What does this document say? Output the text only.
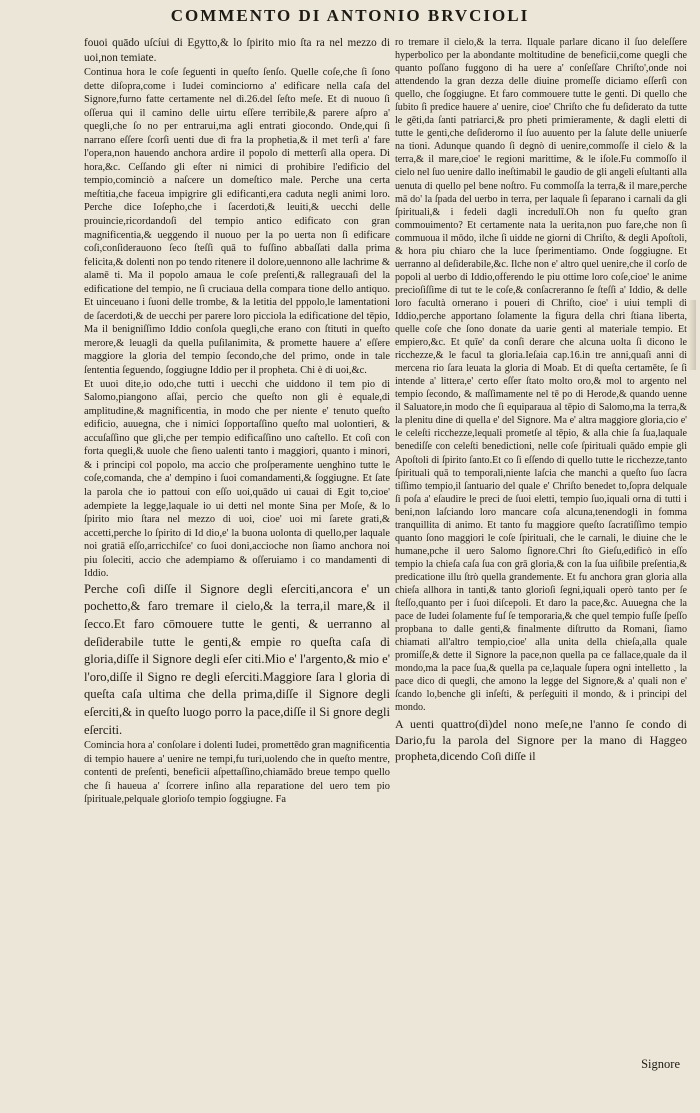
COMMENTO DI ANTONIO BRVCIOLI

fouoi quādo uſcíui di Egytto,& lo ſpirito mio ſta ra nel mezzo di uoi,non temiate.

Continua hora le coſe ſeguenti in queſto ſenſo. Quelle coſe,che ſi ſono dette diſopra,come i Iudei cominciorno a' edificare nella caſa del Signore,furno fatte certamente nel dì.26.del ſeſto meſe. Et dì nuouo ſi oſſerua qui il camino delle uirtu eſſere terribile,& parere aſpro a' quegli,che ſo no per entrarui,ma agli entrati giocondo. Onde,qui ſi narrano eſſere ſcorſi uenti due dì fra la prophetia,& il met terſi a' fare l'opera,non hauendo anchora ardire il popolo di metterſi alla opera. Di hora,&c. Ceſſando gli eſter ni nimici di prohibire l'edificio del tempio,cominciò a naſcere un domeſtico male. Perche una certa meſtitia,che faceua impigrire gli edificanti,era caduta negli animi loro. Perche dice Ioſepho,che i ſacerdoti,& leuiti,& uecchi delle prouincie,ricordandoſi del tempio antico edificato con gran magnificentia,& ueggendo il nuouo per la po uerta non ſi edificare coſi,conſiderauono ſeco ſteſſi quā to fuſſino abbaſſati dalla prima felicita,& dolenti non po tendo ritenere il dolore,uennono alle lachrime & alamē ti. Ma il popolo amaua le coſe preſenti,& rallegrauaſi del la edificatione del tempio, ne ſi cruciaua della compara tione dello antiquo. Et uinceuano i ſuoni delle trombe, & la letitia del pppolo,le lamentationi de ſacerdoti,& de uecchi per parere loro picciola la edificatione del tēpio, Ma il benigniſſimo Iddio conſola quegli,che erano con ſtituti in queſto merore,& leuagli da quella puſilanimita, & promette hauere a' eſſere maggiore la gloria del tempio ſecondo,che del primo, onde in tale ſententia ſeguendo, ſoggiugne Iddio per il propheta. Chi è di uoi,&c.

Et uuoi dite,io odo,che tutti i uecchi che uiddono il tem pio di Salomo,piangono aſſai, percio che queſto non gli è equale,di amplitudine,& magnificentia, in modo che per niente e' tenuto queſto edificio, auuegna, che i nimici ſopportaſſino queſto mal uolontieri, & accuſaſſino que gli,che per tempio edificaſſino uno caſtello. Et coſi con forta quegli,& uuole che ſieno ualenti tanto i maggiori, quanto i minori, & i principi col popolo, ma accio che proſperamente uenghino tutte le coſe,comanda, che a' dempino i ſuoi comandamenti,& ſoggiugne. Et ſate la parola che io pattoui con eſſo uoi,quādo ui cauai di Egit to,cioe' adempiete la legge,laquale io ui detti nel monte Sina per Moſe, & lo ſpirito mio ſtara nel mezzo di uoi, cioe' uoi mi ſarete grati,& accetti,perche lo ſpirito di Id dio,e' la buona uolonta di quello,per laquale noi gratiā eſſo,arricchiſce' co ſuoi doni,accioche non ſiamo anchora noi piu ſoleciti, accio che adempiamo & oſſeruiamo i co mandamenti di Iddio.

Perche coſi diſſe il Signore degli eſerciti,ancora e' un pochetto,& faro tremare il cielo,& la terra,il mare,& il ſecco.Et faro cōmouere tutte le genti, & uerranno al deſiderabile tutte le genti,& empie ro queſta caſa di gloria,diſſe il Signore degli eſer citi.Mio e' l'argento,& mio e' l'oro,diſſe il Signo re degli eſerciti.Maggiore ſara l gloria di queſta caſa ultima che della prima,diſſe il Signore degli eſerciti,& in queſto luogo porro la pace,diſſe il Si gnore degli eſerciti.

Comincia hora a' conſolare i dolenti Iudei, promettēdo gran magnificentia di tempio hauere a' uenire ne tempi,fu turi,uolendo che in queſto mentre, contenti de preſenti, beneficii aſpettaſſino,chiamādo breue tempo quello che ſi haueua a' ſcorrere inſino alla reparatione del uero tem pio ſpirituale,pelquale glorioſo tempio ſoggiugne. Fa

ro tremare il cielo,& la terra. Ilquale parlare dicano il ſuo deleſſere hyperbolico per la abondante moltitudine de beneficii,come quegli che quanto poſſano fuggono di ha uere a' conſeſſare Chriſto',onde noi attendendo la gran dezza delle diuine promeſſe diciamo eſſerſi con quello, che ſoggiugne. Et faro commouere tutte le genti. Di quello che ſubito ſi predice hauere a' uenire, cioe' Chriſto che fu deſiderato da tutte le gēti,da ſanti patriarci,& pro pheti primieramente, & dagli eletti di tutte le genti,che deſiderorno il ſuo auuento per la ſalute delle uniuerſe na tioni. Adunque quando ſi degnò di uenire,commoſſe il cielo & la terra,& il mare,cioe' le regioni marittime, & le iſole.Fu commoſſo il cielo nel ſuo uenire dallo ineſtimabil le gaudio de gli angeli eſultanti alla uenuta di quello pel bene noſtro. Fu commoſſa la terra,& il mare,perche mā do' la ſpada del uerbo in terra, per laquale ſi ſeparano i carnali da gli ſpirituali,& i fedeli dagli incredulī.Oh non fu queſto gran commouimento? Et certamente nata la uerita,non puo fare,che non ſi commuoua il mōdo, ilche ſi uidde ne giorni di Chriſto, & degli Apoſtoli, & hora piu chiaro che la luce ſperimentiamo. Onde ſoggiugne. Et uerranno al deſiderabile,&c. Ilche non e' altro quel uenire,che il corſo de popoli al uerbo di Iddio,offerendo le piu ottime loro coſe,cioe' le anime precioſiſſime di tut te le coſe,& conſacreranno ſe ſteſſi a' Iddio, & delle loro facultà ornerano i poueri di Chriſto, cioe' i uiui templi di Iddio,perche apportano ſolamente la figura della chri ſtiana liberta, quelle coſe che ſono donate da uarie genti al materiale tempio. Et empiero,&c. Et quīe' da conſi derare che alcuna uolta ſi dicono le ricchezze,& le facul ta gloria.Ieſaia cap.16.in tre anni,quaſi anni di mercena rio ſara leuata la gloria di Moab. Et di queſta certamēte, ſe ſi intende a' littera,e' certo eſſer ſtato molto oro,& mol to argento nel tempio ſecondo, & maſſimamente nel tē po di Herode,& quando uenne il Saluatore,in modo che ſi equiparaua al tēpio di Salomo,ma la terra,& la plenitu dine di quella e' del Signore. Ma e' altra maggiore gloria,cio e' le celeſti ricchezze,lequali prometſe al tēpio, & alla chie ſa ſua,laquale benediſſe con celeſti benedictioni, nelle coſe ſpirituali quādo empie gli Apoſtoli di ſpirito ſanto.Et co ſi eſſendo di quello tutte le ricchezze,tanto ſpirituali quā to temporali,niente laſcia che manchi a queſto ſuo ſacra tiſſimo tempio,il ſantuario del quale e' Chriſto benedet to,ſopra delquale ſi poſa a' eſaudire le preci de ſuoi eletti, tempio ſuo,iquali orna di tutti i beni,non laſciando loro mancare coſa alcuna,tenendogli in fomma tranquillita di animo. Et tanto fu maggiore queſto ſacratiſſimo tempio quanto ſono maggiori le coſe ſpirituali, che le carnali, le diuine che le humane,pche il uero Salomo ſignore.Chri ſto Gieſu,edificò in eſſo tempio la chieſa caſa ſua con grā gloria,& con la ſua uiſibile preſentia,& predicatione illu ſtrò quella grandemente. Et fu anchora gran gloria alla chieſa allhora in tanti,& tanto glorioſi ſegni,iquali operò tanto per ſe ſteſſo,quanto per i ſuoi diſcepoli. Et daro la pace,&c. Auuegna che la pace de Iudei ſolamente fuſ ſe temporaria,& che quel tempio fuſſe ſpeſſo propbana to dalle genti,& finalmente diſtrutto da Romani, ſiamo chiamati all'altro tempio,cioe' alla unita della chieſa,alla quale promiſſe,& dette il Signore la pace,non quella pa ce fallace,quale da il mondo,ma la pace ſua,& quella pa ce,laquale ſupera ogni intelletto , la pace dico di quegli, che amono la legge del Signore,& a' quali non e' ſcando lo,benche gli inſeſti, & perſeguiti il mondo, & i principi del mondo.

A uenti quattro(dì)del nono meſe,ne l'anno ſe condo di Dario,fu la parola del Signore per la mano di Haggeo propheta,dicendo Coſi diſſe il

Signore
